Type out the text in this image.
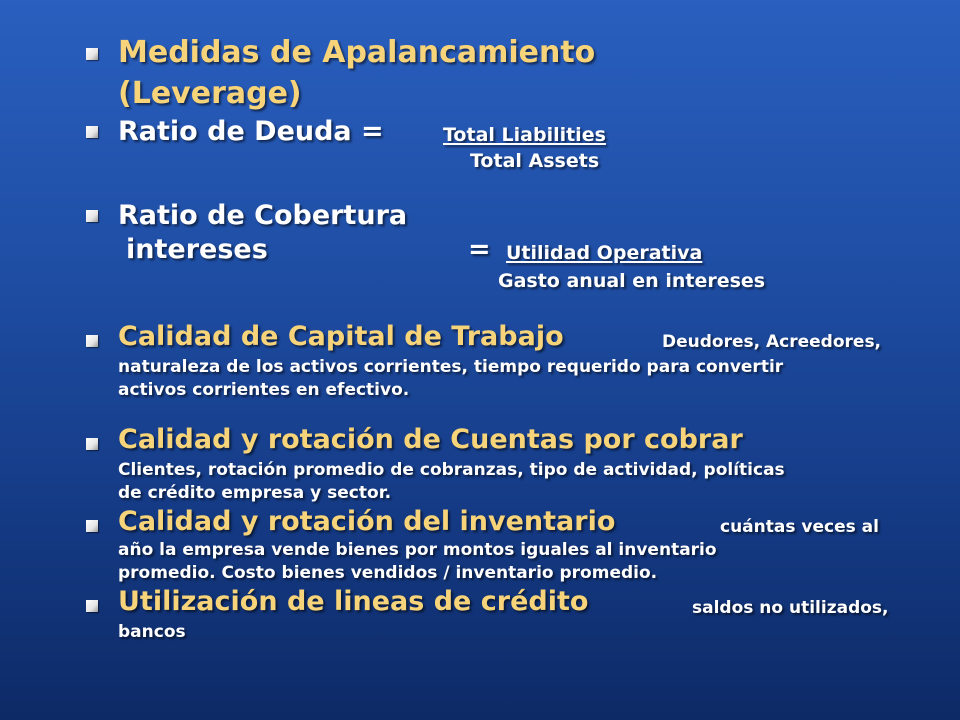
Medidas de Apalancamiento
(Leverage)
Ratio de Deuda =	Total Liabilities
Total Assets
Ratio de Cobertura
intereses	= Utilidad Operativa
Gasto anual en intereses
Calidad de Capital de Trabajo	Deudores, Acreedores,
naturaleza de los activos corrientes, tiempo requerido para convertir
activos corrientes en efectivo.
Calidad y rotación de Cuentas por cobrar
Clientes, rotación promedio de cobranzas, tipo de actividad, políticas
de crédito empresa y sector.
Calidad y rotación del inventario	cuántas veces al
año la empresa vende bienes por montos iguales al inventario
promedio. Costo bienes vendidos / inventario promedio.
Utilización de lineas de crédito	saldos no utilizados,
bancos
